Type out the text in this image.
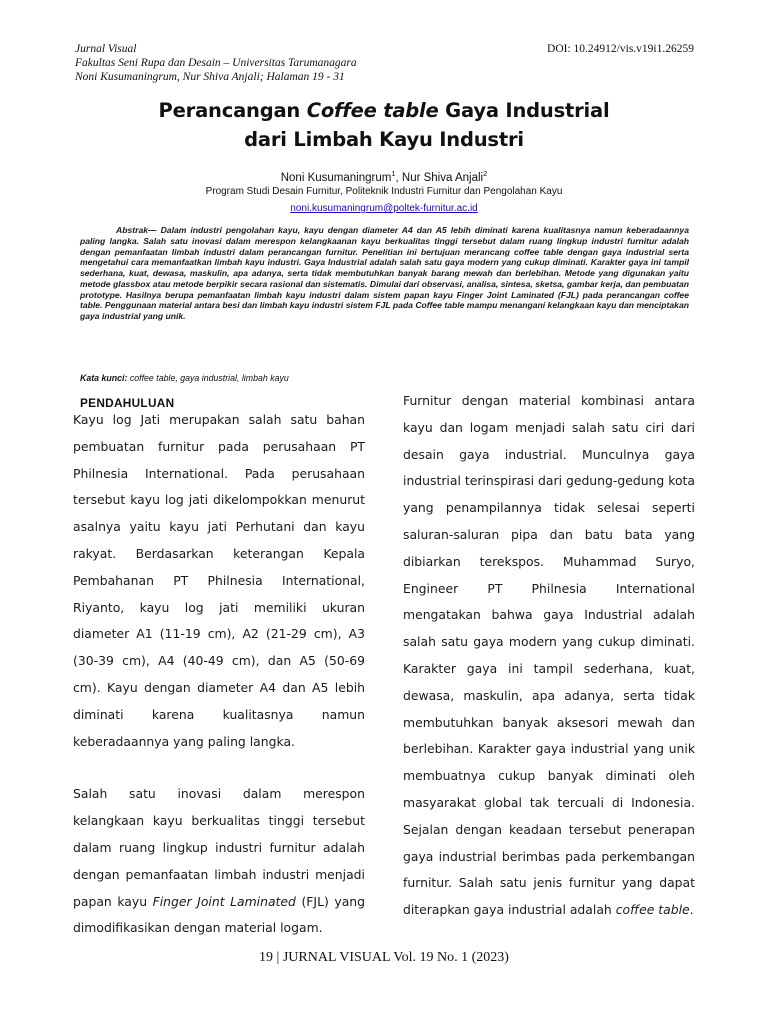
Jurnal Visual
Fakultas Seni Rupa dan Desain – Universitas Tarumanagara
Noni Kusumaningrum, Nur Shiva Anjali; Halaman 19 - 31
DOI: 10.24912/vis.v19i1.26259
Perancangan Coffee table Gaya Industrial
dari Limbah Kayu Industri
Noni Kusumaningrum$^1$, Nur Shiva Anjali$^2$
Program Studi Desain Furnitur, Politeknik Industri Furnitur dan Pengolahan Kayu
noni.kusumaningrum@poltek-furnitur.ac.id
Abstrak— Dalam industri pengolahan kayu, kayu dengan diameter A4 dan A5 lebih diminati karena kualitasnya namun keberadaannya paling langka. Salah satu inovasi dalam merespon kelangkaanan kayu berkualitas tinggi tersebut dalam ruang lingkup industri furnitur adalah dengan pemanfaatan limbah industri dalam perancangan furnitur. Penelitian ini bertujuan merancang coffee table dengan gaya industrial serta mengetahui cara memanfaatkan limbah kayu industri. Gaya Industrial adalah salah satu gaya modern yang cukup diminati. Karakter gaya ini tampil sederhana, kuat, dewasa, maskulin, apa adanya, serta tidak membutuhkan banyak barang mewah dan berlebihan. Metode yang digunakan yaitu metode glassbox atau metode berpikir secara rasional dan sistematis. Dimulai dari observasi, analisa, sintesa, sketsa, gambar kerja, dan pembuatan prototype. Hasilnya berupa pemanfaatan limbah kayu industri dalam sistem papan kayu Finger Joint Laminated (FJL) pada perancangan coffee table. Penggunaan material antara besi dan limbah kayu industri sistem FJL pada Coffee table mampu menangani kelangkaan kayu dan menciptakan gaya industrial yang unik.
Kata kunci: coffee table, gaya industrial, limbah kayu
PENDAHULUAN

Kayu log Jati merupakan salah satu bahan pembuatan furnitur pada perusahaan PT Philnesia International. Pada perusahaan tersebut kayu log jati dikelompokkan menurut asalnya yaitu kayu jati Perhutani dan kayu rakyat. Berdasarkan keterangan Kepala Pembahanan PT Philnesia International, Riyanto, kayu log jati memiliki ukuran diameter A1 (11-19 cm), A2 (21-29 cm), A3 (30-39 cm), A4 (40-49 cm), dan A5 (50-69 cm). Kayu dengan diameter A4 dan A5 lebih diminati karena kualitasnya namun keberadaannya yang paling langka.

Salah satu inovasi dalam merespon kelangkaan kayu berkualitas tinggi tersebut dalam ruang lingkup industri furnitur adalah dengan pemanfaatan limbah industri menjadi papan kayu Finger Joint Laminated (FJL) yang dimodifikasikan dengan material logam.

Furnitur dengan material kombinasi antara kayu dan logam menjadi salah satu ciri dari desain gaya industrial. Munculnya gaya industrial terinspirasi dari gedung-gedung kota yang penampilannya tidak selesai seperti saluran-saluran pipa dan batu bata yang dibiarkan terekspos. Muhammad Suryo, Engineer PT Philnesia International mengatakan bahwa gaya Industrial adalah salah satu gaya modern yang cukup diminati. Karakter gaya ini tampil sederhana, kuat, dewasa, maskulin, apa adanya, serta tidak membutuhkan banyak aksesori mewah dan berlebihan. Karakter gaya industrial yang unik membuatnya cukup banyak diminati oleh masyarakat global tak tercuali di Indonesia. Sejalan dengan keadaan tersebut penerapan gaya industrial berimbas pada perkembangan furnitur. Salah satu jenis furnitur yang dapat diterapkan gaya industrial adalah coffee table.

19 | JURNAL VISUAL Vol. 19 No. 1 (2023)
